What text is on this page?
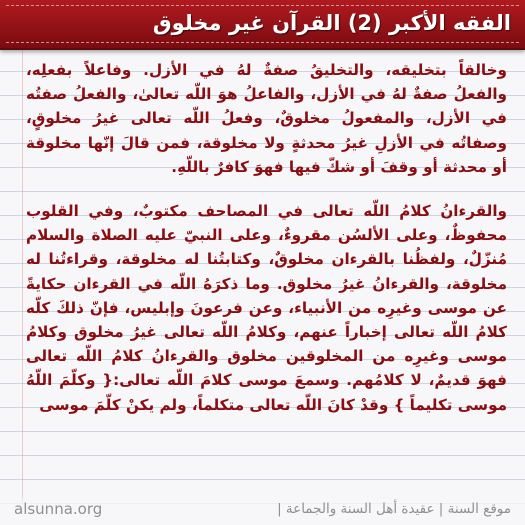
الفقه الأكبر (2) القرآن غير مخلوق

وخالقاً بتخليقه، والتخليقُ صفةٌ لهُ في الأزل. وفاعلاً بفعلِه، والفعلُ صفةٌ لهُ في الأزل، والفاعلُ هوَ اللّه تعالىٰ، والفعلُ صفتُه في الأزل، والمفعولُ مخلوقٌ، وفعلُ اللّه تعالى غيرُ مخلوقٍ، وصفاتُه في الأزلِ غيرُ محدثةٍ ولا مخلوقة، فمن قالَ إنّها مخلوقة أو محدثة أو وقفَ أو شكّ فيها فهوَ كافرٌ باللّهِ.

والقرءانُ كلامُ اللّه تعالى في المصاحف مكتوبٌ، وفي القلوب محفوظٌ، وعلى الألسُن مقروءٌ، وعلى النبيّ عليه الصلاة والسلام مُنزّلٌ، ولفظُنا بالقرءان مخلوقٌ، وكتابتُنا له مخلوقة، وقراءتُنا له مخلوقة، والقرءانُ غيرُ مخلوق. وما ذكرَهُ اللّه في القرءان حكايةً عن موسى وغيرِه من الأنبياء، وعن فرعونَ وإبليس، فإنّ ذلكَ كلّه كلامُ اللّه تعالى إخباراً عنهم، وكلامُ اللّه تعالى غيرُ مخلوق وكلامُ موسى وغيرِه من المخلوقين مخلوق والقرءانُ كلامُ اللّه تعالى فهوَ قديمٌ، لا كلامُهم. وسمعَ موسى كلامَ اللّه تعالى:{ وكلّمَ اللّهُ موسى تكليماً } وقدْ كانَ اللّه تعالى متكلماً، ولم يكنْ كلّمَ موسى

alsunna.org	موقع السنة | عقيدة أهل السنة والجماعة |
